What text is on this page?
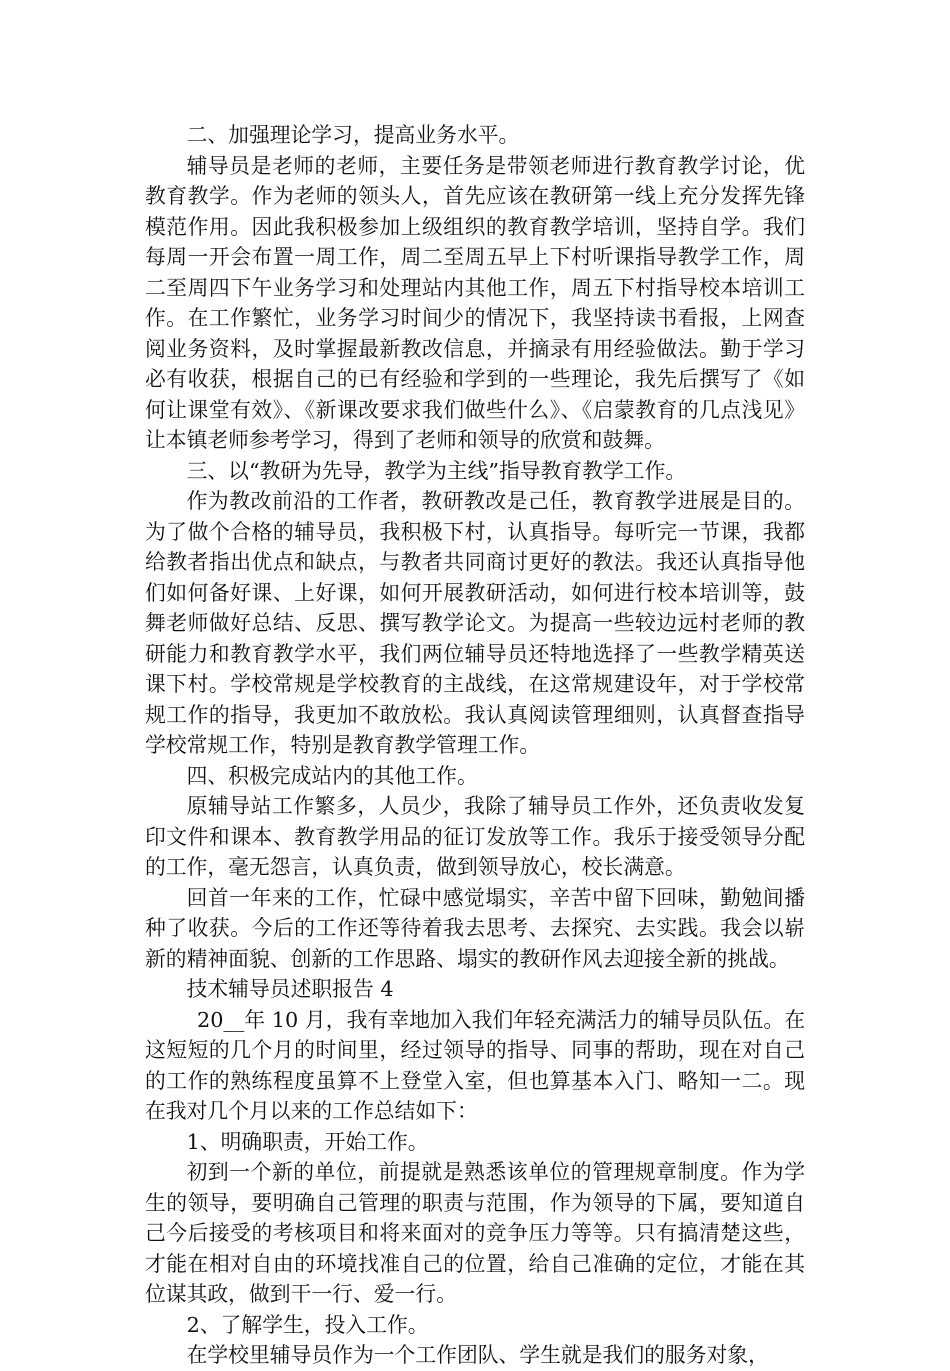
二、加强理论学习，提高业务水平。

辅导员是老师的老师，主要任务是带领老师进行教育教学讨论，优教育教学。作为老师的领头人，首先应该在教研第一线上充分发挥先锋模范作用。因此我积极参加上级组织的教育教学培训，坚持自学。我们每周一开会布置一周工作，周二至周五早上下村听课指导教学工作，周二至周四下午业务学习和处理站内其他工作，周五下村指导校本培训工作。在工作繁忙，业务学习时间少的情况下，我坚持读书看报，上网查阅业务资料，及时掌握最新教改信息，并摘录有用经验做法。勤于学习必有收获，根据自己的已有经验和学到的一些理论，我先后撰写了《如何让课堂有效》、《新课改要求我们做些什么》、《启蒙教育的几点浅见》让本镇老师参考学习，得到了老师和领导的欣赏和鼓舞。

三、以“教研为先导，教学为主线”指导教育教学工作。

作为教改前沿的工作者，教研教改是己任，教育教学进展是目的。为了做个合格的辅导员，我积极下村，认真指导。每听完一节课，我都给教者指出优点和缺点，与教者共同商讨更好的教法。我还认真指导他们如何备好课、上好课，如何开展教研活动，如何进行校本培训等，鼓舞老师做好总结、反思、撰写教学论文。为提高一些较边远村老师的教研能力和教育教学水平，我们两位辅导员还特地选择了一些教学精英送课下村。学校常规是学校教育的主战线，在这常规建设年，对于学校常规工作的指导，我更加不敢放松。我认真阅读管理细则，认真督查指导学校常规工作，特别是教育教学管理工作。

四、积极完成站内的其他工作。

原辅导站工作繁多，人员少，我除了辅导员工作外，还负责收发复印文件和课本、教育教学用品的征订发放等工作。我乐于接受领导分配的工作，毫无怨言，认真负责，做到领导放心，校长满意。

回首一年来的工作，忙碌中感觉塌实，辛苦中留下回味，勤勉间播种了收获。今后的工作还等待着我去思考、去探究、去实践。我会以崭新的精神面貌、创新的工作思路、塌实的教研作风去迎接全新的挑战。

技术辅导员述职报告 4

20__年 10 月，我有幸地加入我们年轻充满活力的辅导员队伍。在这短短的几个月的时间里，经过领导的指导、同事的帮助，现在对自己的工作的熟练程度虽算不上登堂入室，但也算基本入门、略知一二。现在我对几个月以来的工作总结如下：

1、明确职责，开始工作。

初到一个新的单位，前提就是熟悉该单位的管理规章制度。作为学生的领导，要明确自己管理的职责与范围，作为领导的下属，要知道自己今后接受的考核项目和将来面对的竞争压力等等。只有搞清楚这些，才能在相对自由的环境找准自己的位置，给自己准确的定位，才能在其位谋其政，做到干一行、爱一行。

2、了解学生，投入工作。

在学校里辅导员作为一个工作团队、学生就是我们的服务对象，
